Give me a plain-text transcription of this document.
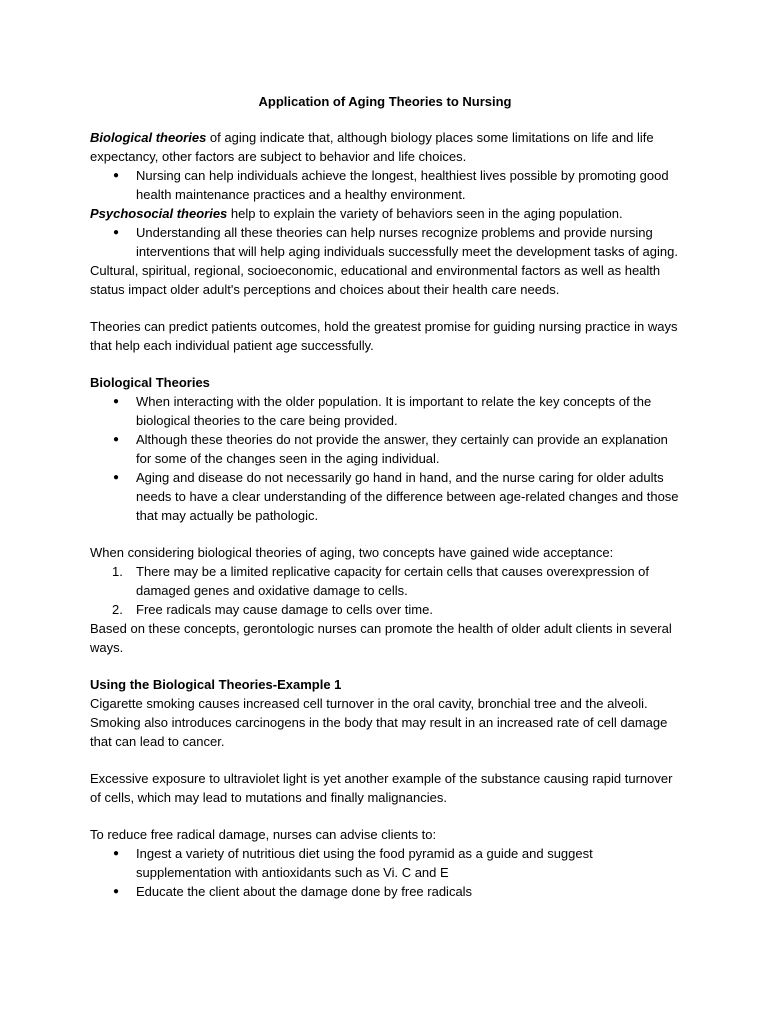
Application of Aging Theories to Nursing

Biological theories of aging indicate that, although biology places some limitations on life and life expectancy, other factors are subject to behavior and life choices.

● Nursing can help individuals achieve the longest, healthiest lives possible by promoting good health maintenance practices and a healthy environment.

Psychosocial theories help to explain the variety of behaviors seen in the aging population.

● Understanding all these theories can help nurses recognize problems and provide nursing interventions that will help aging individuals successfully meet the development tasks of aging.

Cultural, spiritual, regional, socioeconomic, educational and environmental factors as well as health status impact older adult's perceptions and choices about their health care needs.

Theories can predict patients outcomes, hold the greatest promise for guiding nursing practice in ways that help each individual patient age successfully.

Biological Theories

● When interacting with the older population. It is important to relate the key concepts of the biological theories to the care being provided.
● Although these theories do not provide the answer, they certainly can provide an explanation for some of the changes seen in the aging individual.
● Aging and disease do not necessarily go hand in hand, and the nurse caring for older adults needs to have a clear understanding of the difference between age-related changes and those that may actually be pathologic.

When considering biological theories of aging, two concepts have gained wide acceptance:

1. There may be a limited replicative capacity for certain cells that causes overexpression of damaged genes and oxidative damage to cells.
2. Free radicals may cause damage to cells over time.

Based on these concepts, gerontologic nurses can promote the health of older adult clients in several ways.

Using the Biological Theories-Example 1

Cigarette smoking causes increased cell turnover in the oral cavity, bronchial tree and the alveoli. Smoking also introduces carcinogens in the body that may result in an increased rate of cell damage that can lead to cancer.

Excessive exposure to ultraviolet light is yet another example of the substance causing rapid turnover of cells, which may lead to mutations and finally malignancies.

To reduce free radical damage, nurses can advise clients to:

● Ingest a variety of nutritious diet using the food pyramid as a guide and suggest supplementation with antioxidants such as Vi. C and E
● Educate the client about the damage done by free radicals
